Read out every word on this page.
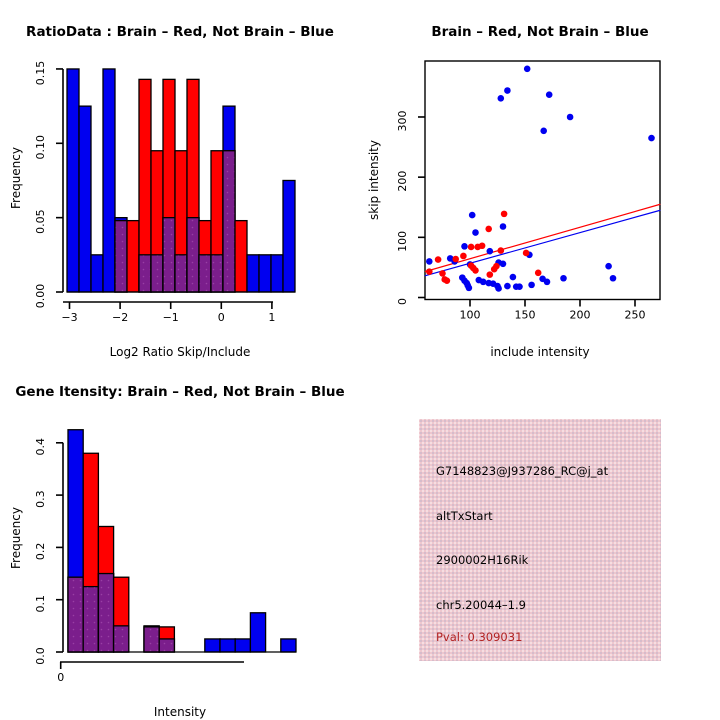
RatioData : Brain – Red, Not Brain – Blue
Log2 Ratio Skip/Include
Frequency
0.00
0.05
0.10
0.15
−3	−2	−1	0	1
Brain – Red, Not Brain – Blue
include intensity
skip intensity
100	150	200	250
0
100
200
300
Gene Itensity: Brain – Red, Not Brain – Blue
Intensity
Frequency
0.0
0.1
0.2
0.3
0.4
0
G7148823@J937286_RC@j_at
altTxStart
2900002H16Rik
chr5.20044–1.9
Pval: 0.309031
